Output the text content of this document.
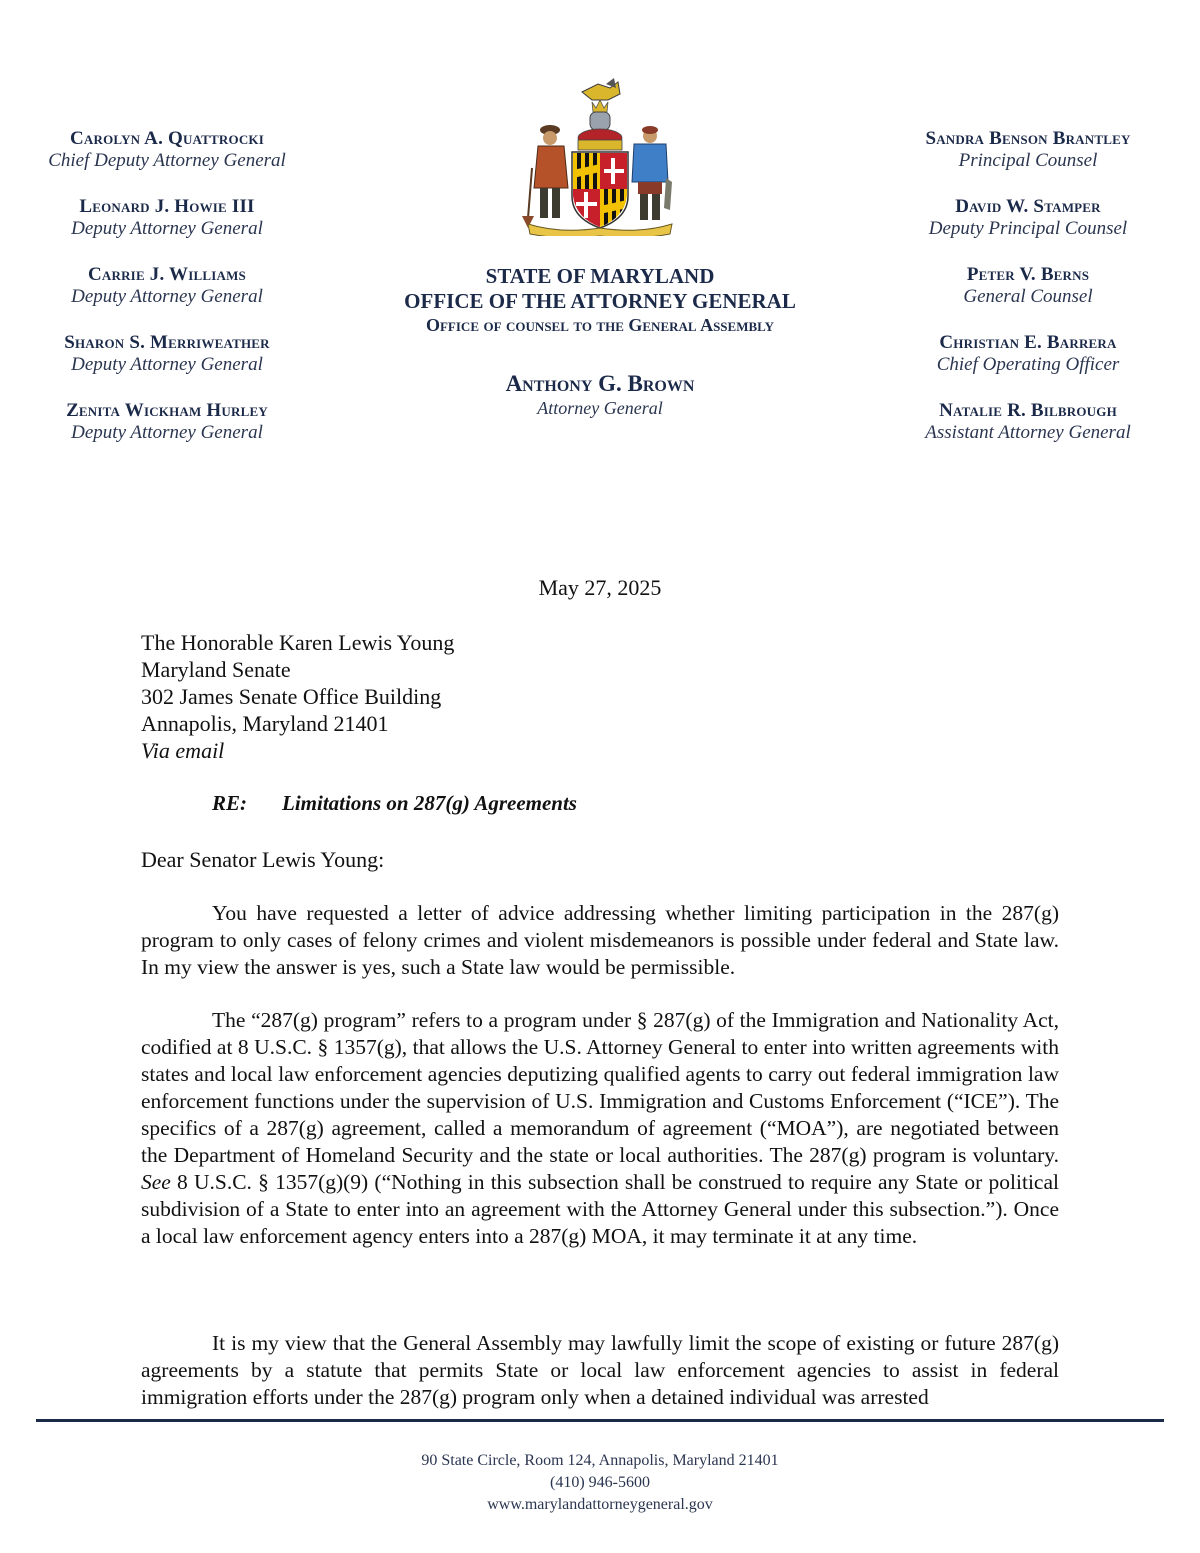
Carolyn A. Quattrocki
Chief Deputy Attorney General
Leonard J. Howie III
Deputy Attorney General
Carrie J. Williams
Deputy Attorney General
Sharon S. Merriweather
Deputy Attorney General
Zenita Wickham Hurley
Deputy Attorney General
Sandra Benson Brantley
Principal Counsel
David W. Stamper
Deputy Principal Counsel
Peter V. Berns
General Counsel
Christian E. Barrera
Chief Operating Officer
Natalie R. Bilbrough
Assistant Attorney General
STATE OF MARYLAND
OFFICE OF THE ATTORNEY GENERAL
Office of counsel to the General Assembly
Anthony G. Brown
Attorney General
May 27, 2025
The Honorable Karen Lewis Young
Maryland Senate
302 James Senate Office Building
Annapolis, Maryland 21401
Via email
RE: Limitations on 287(g) Agreements
Dear Senator Lewis Young:

You have requested a letter of advice addressing whether limiting participation in the 287(g) program to only cases of felony crimes and violent misdemeanors is possible under federal and State law. In my view the answer is yes, such a State law would be permissible.

The “287(g) program” refers to a program under § 287(g) of the Immigration and Nationality Act, codified at 8 U.S.C. § 1357(g), that allows the U.S. Attorney General to enter into written agreements with states and local law enforcement agencies deputizing qualified agents to carry out federal immigration law enforcement functions under the supervision of U.S. Immigration and Customs Enforcement (“ICE”). The specifics of a 287(g) agreement, called a memorandum of agreement (“MOA”), are negotiated between the Department of Homeland Security and the state or local authorities. The 287(g) program is voluntary. See 8 U.S.C. § 1357(g)(9) (“Nothing in this subsection shall be construed to require any State or political subdivision of a State to enter into an agreement with the Attorney General under this subsection.”). Once a local law enforcement agency enters into a 287(g) MOA, it may terminate it at any time.

It is my view that the General Assembly may lawfully limit the scope of existing or future 287(g) agreements by a statute that permits State or local law enforcement agencies to assist in federal immigration efforts under the 287(g) program only when a detained individual was arrested

90 State Circle, Room 124, Annapolis, Maryland 21401
(410) 946-5600
www.marylandattorneygeneral.gov
